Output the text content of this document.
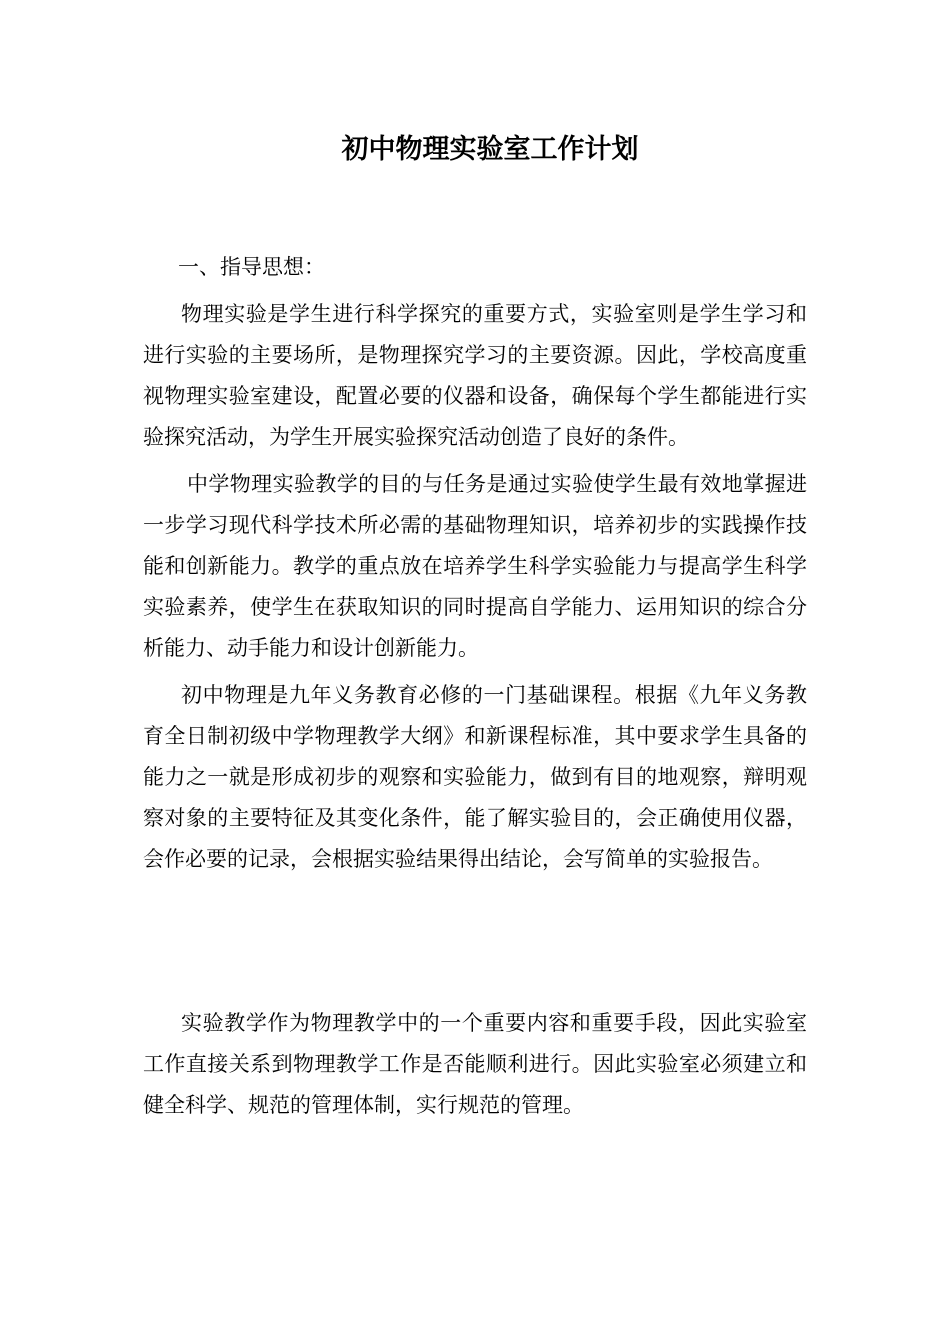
初中物理实验室工作计划

一、指导思想：

物理实验是学生进行科学探究的重要方式，实验室则是学生学习和进行实验的主要场所，是物理探究学习的主要资源。因此，学校高度重视物理实验室建设，配置必要的仪器和设备，确保每个学生都能进行实验探究活动，为学生开展实验探究活动创造了良好的条件。

中学物理实验教学的目的与任务是通过实验使学生最有效地掌握进一步学习现代科学技术所必需的基础物理知识，培养初步的实践操作技能和创新能力。教学的重点放在培养学生科学实验能力与提高学生科学实验素养，使学生在获取知识的同时提高自学能力、运用知识的综合分析能力、动手能力和设计创新能力。

初中物理是九年义务教育必修的一门基础课程。根据《九年义务教育全日制初级中学物理教学大纲》和新课程标准，其中要求学生具备的能力之一就是形成初步的观察和实验能力，做到有目的地观察，辩明观察对象的主要特征及其变化条件，能了解实验目的，会正确使用仪器，会作必要的记录，会根据实验结果得出结论，会写简单的实验报告。

实验教学作为物理教学中的一个重要内容和重要手段，因此实验室工作直接关系到物理教学工作是否能顺利进行。因此实验室必须建立和健全科学、规范的管理体制，实行规范的管理。
